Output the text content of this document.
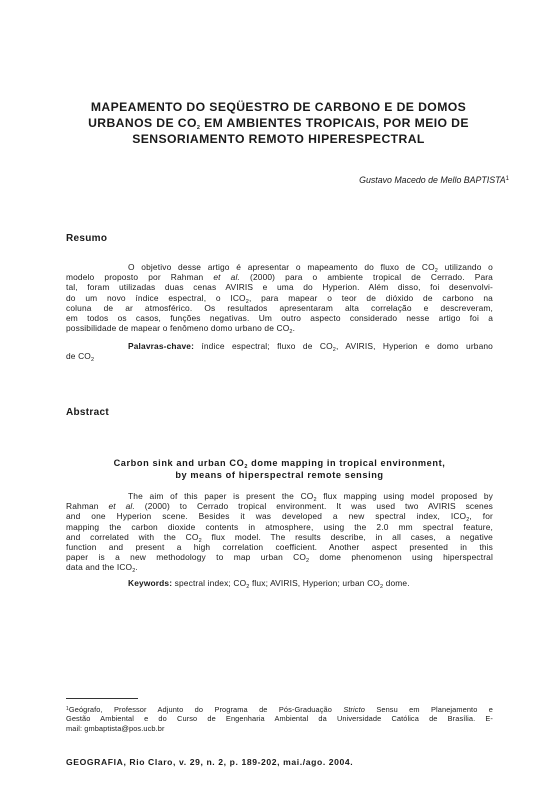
MAPEAMENTO DO SEQÜESTRO DE CARBONO E DE DOMOS
URBANOS DE $CO_2$ EM AMBIENTES TROPICAIS, POR MEIO DE
SENSORIAMENTO REMOTO HIPERESPECTRAL
Gustavo Macedo de Mello BAPTISTA$^1$
Resumo
O objetivo desse artigo é apresentar o mapeamento do fluxo de $CO_2$ utilizando o
modelo proposto por Rahman et al. (2000) para o ambiente tropical de Cerrado. Para
tal, foram utilizadas duas cenas AVIRIS e uma do Hyperion. Além disso, foi desenvolvi-
do um novo índice espectral, o $ICO_2$, para mapear o teor de dióxido de carbono na
coluna de ar atmosférico. Os resultados apresentaram alta correlação e descreveram,
em todos os casos, funções negativas. Um outro aspecto considerado nesse artigo foi a
possibilidade de mapear o fenômeno domo urbano de $CO_2$.
Palavras-chave: índice espectral; fluxo de $CO_2$, AVIRIS, Hyperion e domo urbano
de $CO_2$
Abstract
Carbon sink and urban $CO_2$ dome mapping in tropical environment,
by means of hiperspectral remote sensing
The aim of this paper is present the $CO_2$ flux mapping using model proposed by
Rahman et al. (2000) to Cerrado tropical environment. It was used two AVIRIS scenes
and one Hyperion scene. Besides it was developed a new spectral index, $ICO_2$, for
mapping the carbon dioxide contents in atmosphere, using the 2.0 mm spectral feature,
and correlated with the $CO_2$ flux model. The results describe, in all cases, a negative
function and present a high correlation coefficient. Another aspect presented in this
paper is a new methodology to map urban $CO_2$ dome phenomenon using hiperspectral
data and the $ICO_2$.
Keywords: spectral index; $CO_2$ flux; AVIRIS, Hyperion; urban $CO_2$ dome.
$^1$Geógrafo, Professor Adjunto do Programa de Pós-Graduação Stricto Sensu em Planejamento e
Gestão Ambiental e do Curso de Engenharia Ambiental da Universidade Católica de Brasília. E-
mail: gmbaptista@pos.ucb.br
GEOGRAFIA, Rio Claro, v. 29, n. 2, p. 189-202, mai./ago. 2004.
